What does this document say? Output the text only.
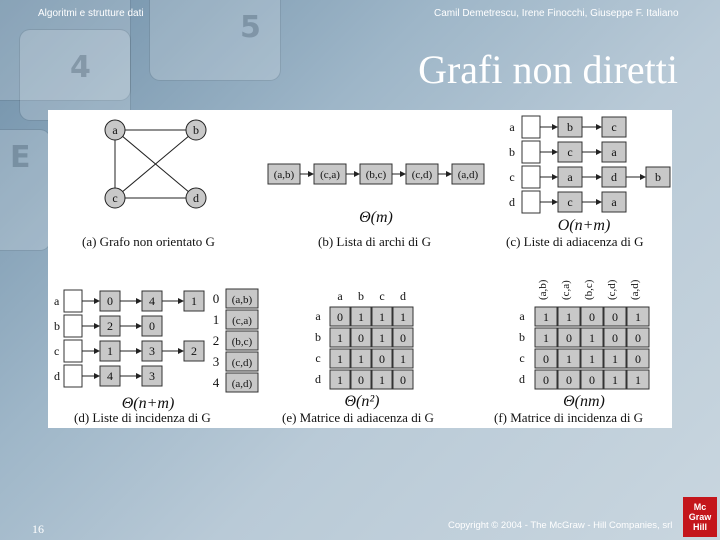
4
5
E
Algoritmi e strutture dati	Camil Demetrescu, Irene Finocchi, Giuseppe F. Italiano
Grafi non diretti
a	b
c	d
(a) Grafo non orientato G
(a,b) (c,a) (b,c) (c,d) (a,d)
Θ(m)
(b) Lista di archi di G
a	b	c
b	c	a
c	a	d	b
d	c	a
O(n+m)
(c) Liste di adiacenza di G
a	0	4	1
b	2	0
c	1	3	2
d	4	3
0 (a,b)
1 (c,a)
2 (b,c)
3 (c,d)
4 (a,d)
Θ(n+m)
(d) Liste di incidenza di G
a b c d
a 0 1 1 1
b 1 0 1 0
c 1 1 0 1
d 1 0 1 0
Θ(n²)
(e) Matrice di adiacenza di G
(a,b) (c,a) (b,c) (c,d) (a,d)
a 1 1 0 0 1
b 1 0 1 0 0
c 0 1 1 1 0
d 0 0 0 1 1
Θ(nm)
(f) Matrice di incidenza di G
16	Copyright © 2004 - The McGraw - Hill Companies, srl
Mc
Graw
Hill
